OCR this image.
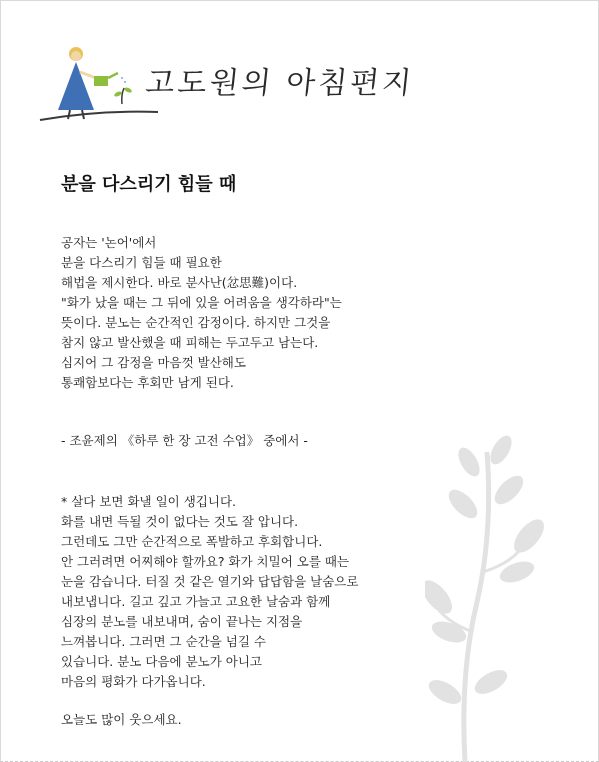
고도원의 아침편지
분을 다스리기 힘들 때
공자는 '논어'에서
분을 다스리기 힘들 때 필요한
해법을 제시한다. 바로 분사난(忿思難)이다.
"화가 났을 때는 그 뒤에 있을 어려움을 생각하라"는
뜻이다. 분노는 순간적인 감정이다. 하지만 그것을
참지 않고 발산했을 때 피해는 두고두고 남는다.
심지어 그 감정을 마음껏 발산해도
통쾌함보다는 후회만 남게 된다.
- 조윤제의 《하루 한 장 고전 수업》 중에서 -
* 살다 보면 화낼 일이 생깁니다.
화를 내면 득될 것이 없다는 것도 잘 압니다.
그런데도 그만 순간적으로 폭발하고 후회합니다.
안 그러려면 어찌해야 할까요? 화가 치밀어 오를 때는
눈을 감습니다. 터질 것 같은 열기와 답답함을 날숨으로
내보냅니다. 길고 깊고 가늘고 고요한 날숨과 함께
심장의 분노를 내보내며, 숨이 끝나는 지점을
느껴봅니다. 그러면 그 순간을 넘길 수
있습니다. 분노 다음에 분노가 아니고
마음의 평화가 다가옵니다.
오늘도 많이 웃으세요.
